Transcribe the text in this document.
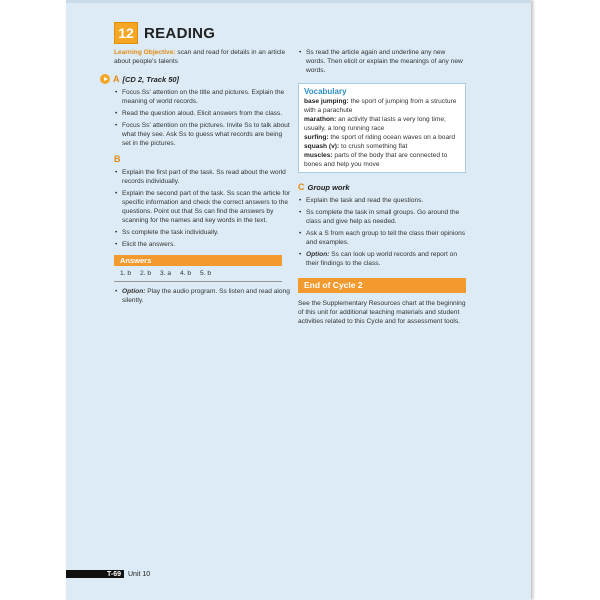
12 READING
Learning Objective: scan and read for details in an article about people's talents
A [CD 2, Track 50]
• Focus Ss' attention on the title and pictures. Explain the meaning of world records.
• Read the question aloud. Elicit answers from the class.
• Focus Ss' attention on the pictures. Invite Ss to talk about what they see. Ask Ss to guess what records are being set in the pictures.
B
• Explain the first part of the task. Ss read about the world records individually.
• Explain the second part of the task. Ss scan the article for specific information and check the correct answers to the questions. Point out that Ss can find the answers by scanning for the names and key words in the text.
• Ss complete the task individually.
• Elicit the answers.
Answers
1. b 2. b 3. a 4. b 5. b
• Option: Play the audio program. Ss listen and read along silently.
• Ss read the article again and underline any new words. Then elicit or explain the meanings of any new words.
Vocabulary
base jumping: the sport of jumping from a structure with a parachute
marathon: an activity that lasts a very long time; usually, a long running race
surfing: the sport of riding ocean waves on a board
squash (v): to crush something flat
muscles: parts of the body that are connected to bones and help you move
C Group work
• Explain the task and read the questions.
• Ss complete the task in small groups. Go around the class and give help as needed.
• Ask a S from each group to tell the class their opinions and examples.
• Option: Ss can look up world records and report on their findings to the class.
End of Cycle 2
See the Supplementary Resources chart at the beginning of this unit for additional teaching materials and student activities related to this Cycle and for assessment tools.
T-69	Unit 10
